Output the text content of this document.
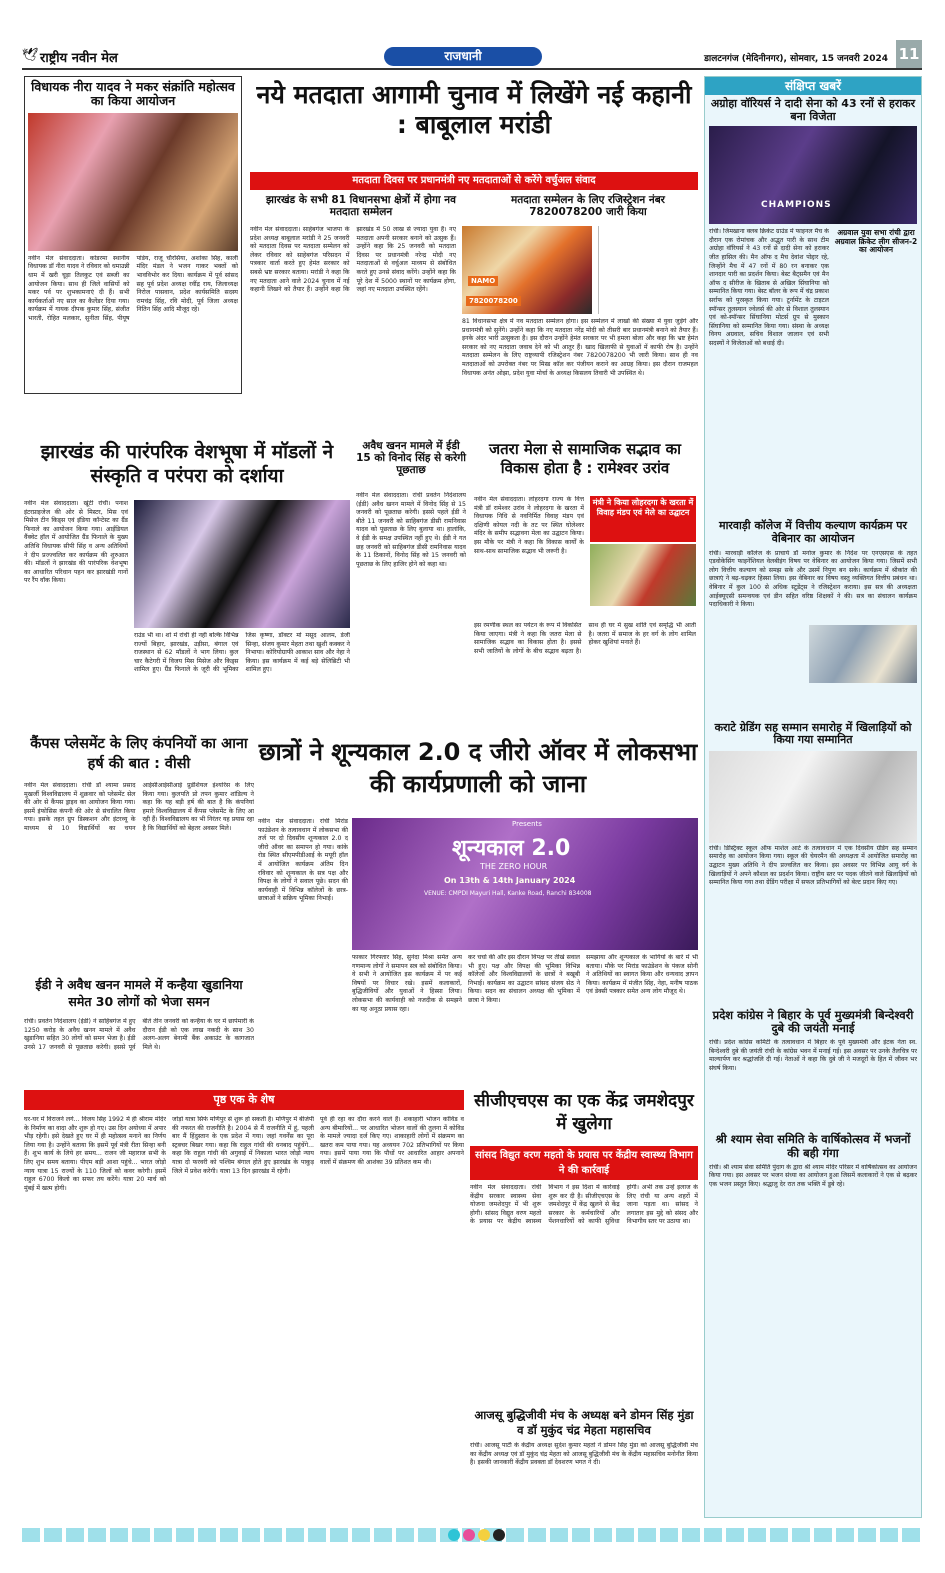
🕊 राष्ट्रीय नवीन मेल	राजधानी	डालटनगंज (मेदिनीनगर), सोमवार, 15 जनवरी 2024 11
विधायक नीरा यादव ने मकर संक्रांति महोत्सव का किया आयोजन
नवीन मेल संवाददाता। कोडरमा स्थानीय विधायक डॉ नीरा यादव ने रविवार को धमाउन्नी धाम में खरी चूड़ा तिलकुट एवं सब्जी का आयोजन किया। साथ ही जिले वासियों को मकर पर्व पर शुभकामनाएं दी हैं। सभी कार्यकर्ताओं नए साल का कैलेंडर दिया गया। कार्यक्रम में गायक दीपक कुमार सिंह, संजीत भारती, रोहित मलकार, सुनीता सिंह, पीयूष पांडेय, राजू चौरसिया, अशोका सिंह, काली मंदिर मंडल ने भजन गाकर भक्तों को भावविभोर कर दिया। कार्यक्रम में पूर्व सांसद सह पूर्व प्रदेश अध्यक्ष रवींद्र राय, जिलाध्यक्ष निरोज पासवान, प्रदेश कार्यसमिति सदस्य रामचंद्र सिंह, रवि मोदी, पूर्व जिला अध्यक्ष नितिन सिंह आदि मौजूद रहे।
नये मतदाता आगामी चुनाव में लिखेंगे नई कहानी : बाबूलाल मरांडी
मतदाता दिवस पर प्रधानमंत्री नए मतदाताओं से करेंगे वर्चुअल संवाद
झारखंड के सभी 81 विधानसभा क्षेत्रों में होगा नव मतदाता सम्मेलन
मतदाता सम्मेलन के लिए रजिस्ट्रेशन नंबर 7820078200 जारी किया
नवीन मेल संवाददाता। साहेबगंज भाजपा के प्रदेश अध्यक्ष बाबूलाल मरांडी ने 25 जनवरी को मतदाता दिवस पर मतदाता सम्मेलन को लेकर रविवार को साहेबगंज परिसदन में पत्रकार वार्ता करते हुए हेमंत सरकार को सबसे भ्रष्ट सरकार बताया। मरांडी ने कहा कि नए मतदाता आने वाले 2024 चुनाव में नई कहानी लिखने को तैयार हैं। उन्होंने कहा कि झारखंड में 50 लाख से ज्यादा युवा हैं। नए मतदाता अपनी सरकार बनाने को उत्सुक हैं। उन्होंने कहा कि 25 जनवरी को मतदाता दिवस पर प्रधानमंत्री नरेन्द्र मोदी नए मतदाताओं से वर्चुअल माध्यम से संबोधित करते हुए उनसे संवाद करेंगे। उन्होंने कहा कि पूरे देश में 5000 स्थानों पर कार्यक्रम होगा, जहां नए मतदाता उपस्थित रहेंगे।
NAMO
7820078200
81 विधानसभा क्षेत्र में नव मतदाता सम्मेलन होगा। इस सम्मेलन में लाखों की संख्या में युवा जुड़ेंगे और प्रधानमंत्री को सुनेंगे। उन्होंने कहा कि नए मतदाता नरेंद्र मोदी को तीसरी बार प्रधानमंत्री बनाने को तैयार हैं। इनके अंदर भारी उत्सुकता है। इस दौरान उन्होंने हेमंत सरकार पर भी हमला बोला और कहा कि भ्रष्ट हेमंत सरकार को नए मतदाता जवाब देने को भी आतुर हैं। खाद खिलाफी से युवाओं में काफी रोष है। उन्होंने मतदाता सम्मेलन के लिए राष्ट्रव्यापी रजिस्ट्रेशन नंबर 7820078200 भी जारी किया। साथ ही नव मतदाताओं को उपरोक्त नंबर पर मिस्ड कॉल कर पंजीयन कराने का आग्रह किया। इस दौरान राजमहल विधायक अनंत ओझा, प्रदेश युवा मोर्चा के अध्यक्ष किसलय तिवारी भी उपस्थित थे।
संक्षिप्त खबरें
अग्रोहा वॉरियर्स ने दादी सेना को 43 रनों से हराकर बना विजेता
CHAMPIONS
अग्रवाल युवा सभा रांची द्वारा अग्रवाल क्रिकेट लीग सीजन-2 का आयोजन
रांची। जिमखाना क्लब क्रिकेट ग्राउंड में फाइनल मैच के दौरान एक रोमांचक और अद्भुत पारी के साथ टीम अग्रोहा वॉरियर्स ने 43 रनों से दादी सेना को हराकर जीत हासिल की। मैन ऑफ द मैच देवांश पोद्दार रहे, जिन्होंने मैच में 47 रनों में 80 रन बनाकर एक शानदार पारी का प्रदर्शन किया। बेस्ट बैट्समैन एवं मैन ऑफ द सीरीज के खिताब से अखिल सिंघानिया को सम्मानित किया गया। बेस्ट बॉलर के रूप में चंद्र प्रकाश सर्राफ को पुरस्कृत किया गया। टूर्नामेंट के टाइटल स्पॉन्सर तुलस्यान ज्वेलर्स की ओर से विशाल तुलस्यान एवं को-स्पॉन्सर सिंघानिया मोटर्स ग्रुप से मुस्कान सिंघानिया को सम्मानित किया गया। संस्था के अध्यक्ष विनय अग्रवाल, सचिव विशाल जालान एवं सभी सदस्यों ने विजेताओं को बधाई दी।
मारवाड़ी कॉलेज में वित्तीय कल्याण कार्यक्रम पर वेबिनार का आयोजन
रांची। मारवाड़ी कॉलेज के प्राचार्य डॉ मनोज कुमार के निर्देश पर एनएसएस के तहत एडवोकेसिंग फाइनेंशियल वेलबीइंग विषय पर वेबिनार का आयोजन किया गया। जिसमें सभी लोग वित्तीय कल्याण को समझ सके और उसमें निपुण बन सके। कार्यक्रम में श्रीकांत की छात्राएं ने बढ़-चढ़कर हिस्सा लिया। इस वेबिनार का विषय वस्तु व्यक्तिगत वित्तीय प्रबंधन था। वेबिनार में कुल 100 से अधिक स्टूडेंट्स ने रजिस्ट्रेशन कराया। इस सत्र की अध्यक्षता आईक्यूएसी समन्वयक एवं डीन सहित वरिष्ठ शिक्षकों ने की। सत्र का संचालन कार्यक्रम पदाधिकारी ने किया।
कराटे ग्रेडिंग सह सम्मान समारोह में खिलाड़ियों को किया गया सम्मानित
रांची। डिस्ट्रिक्ट स्कूल ऑफ मार्शल आर्ट के तत्वावधान में एक दिवसीय ग्रेडिंग सह सम्मान समारोह का आयोजन किया गया। स्कूल की चेयरमैन की अध्यक्षता में आयोजित समारोह का उद्घाटन मुख्य अतिथि ने दीप प्रज्वलित कर किया। इस अवसर पर विभिन्न आयु वर्ग के खिलाड़ियों ने अपने कौशल का प्रदर्शन किया। राष्ट्रीय स्तर पर पदक जीतने वाले खिलाड़ियों को सम्मानित किया गया तथा ग्रेडिंग परीक्षा में सफल प्रतिभागियों को बेल्ट प्रदान किए गए।
प्रदेश कांग्रेस ने बिहार के पूर्व मुख्यमंत्री बिन्देश्वरी दुबे की जयंती मनाई
रांची। प्रदेश कांग्रेस कमिटी के तत्वावधान में बिहार के पूर्व मुख्यमंत्री और इंटक नेता स्व. बिन्देश्वरी दुबे की जयंती रांची के कांग्रेस भवन में मनाई गई। इस अवसर पर उनके तैलचित्र पर माल्यार्पण कर श्रद्धांजलि दी गई। नेताओं ने कहा कि दुबे जी ने मजदूरों के हित में जीवन भर संघर्ष किया।
श्री श्याम सेवा समिति के वार्षिकोत्सव में भजनों की बही गंगा
रांची। श्री श्याम सेवा समिति पुंदाग के द्वारा श्री श्याम मंदिर परिसर में वार्षिकोत्सव का आयोजन किया गया। इस अवसर पर भजन संध्या का आयोजन हुआ जिसमें कलाकारों ने एक से बढ़कर एक भजन प्रस्तुत किए। श्रद्धालु देर रात तक भक्ति में डूबे रहे।
झारखंड की पारंपरिक वेशभूषा में मॉडलों ने संस्कृति व परंपरा को दर्शाया
नवीन मेल संवाददाता। खूंटी रांची। पनाश इंटरप्राइजेज की ओर से मिस्टर, मिस एवं मिसेज टीन किड्स एवं इंडिया कॉन्टेस्ट का ग्रैंड फिनाले का आयोजन किया गया। आईडियल वैंक्वेट हॉल में आयोजित ग्रैंड फिनाले के मुख्य अतिथि विधायक सीपी सिंह व अन्य अतिथियों ने दीप प्रज्ज्वलित कर कार्यक्रम की शुरुआत की। मॉडलों ने झारखंड की पारंपरिक वेशभूषा का आधारित परिधान पहन कर झारखंडी गानों पर रैंप वॉक किया।
राउंड भी था। शो में रांची ही नहीं बल्कि विभिन्न राज्यों बिहार, झारखंड, उड़ीसा, बंगाल एवं राजस्थान से 62 मॉडलों ने भाग लिया। कुल चार कैटेगरी में विजय मिस मिसेज और किड्स शामिल हुए। ग्रैंड फिनाले के जूरी की भूमिका जिस कृष्णा, डॉक्टर मो मसूद आलम, डेजी सिन्हा, संजय कुमार मेहता तथा खुशी कक्कर ने निभाया। कोरियोग्राफी आकाश साव और नेहा ने किया। इस कार्यक्रम में कई बड़े सेलिब्रिटी भी शामिल हुए।
अवैध खनन मामले में ईडी 15 को विनोद सिंह से करेगी पूछताछ
नवीन मेल संवाददाता। रांची प्रवर्तन निदेशालय (ईडी) अवैध खनन मामले में विनोद सिंह से 15 जनवरी को पूछताछ करेगी। इससे पहले ईडी ने बीते 11 जनवरी को साहिबगंज डीसी रामनिवास यादव को पूछताछ के लिए बुलाया था। हालांकि, वे ईडी के समक्ष उपस्थित नहीं हुए थे। ईडी ने गत छह जनवरी को साहिबगंज डीसी रामनिवास यादव के 11 ठिकानों, विनोद सिंह को 15 जनवरी को पूछताछ के लिए हाजिर होने को कहा था।
जतरा मेला से सामाजिक सद्भाव का विकास होता है : रामेश्वर उरांव
नवीन मेल संवाददाता। लोहरदगा राज्य के वित्त मंत्री डॉ रामेश्वर उरांव ने लोहरदगा के खरता में विधायक निधि से नवनिर्मित विवाह मंडप एवं दक्षिणी कोयल नदी के तट पर स्थित घोलेश्वर मंदिर के समीप सद्भावना मेला का उद्घाटन किया। इस मौके पर मंत्री ने कहा कि विकास कार्यों के साथ-साथ सामाजिक सद्भाव भी जरूरी है।
मंत्री ने किया लोहरदगा के खरता में विवाह मंडप एवं मेले का उद्घाटन
इस रमणीक स्थल का पर्यटन के रूप में विकसित किया जाएगा। मंत्री ने कहा कि जतरा मेला से सामाजिक सद्भाव का विकास होता है। इससे सभी जातियों के लोगों के बीच सद्भाव बढ़ता है। साथ ही घर में सुख शांति एवं समृद्धि भी आती है। जतरा में समाज के हर वर्ग के लोग शामिल होकर खुशियां मनाते हैं।
कैंपस प्लेसमेंट के लिए कंपनियों का आना हर्ष की बात : वीसी
नवीन मेल संवाददाता। रांची डॉ श्यामा प्रसाद मुखर्जी विश्वविद्यालय में शुक्रवार को प्लेसमेंट सेल की ओर से कैंपस ड्राइव का आयोजन किया गया। इसमें इंफोसिस कंपनी की ओर से संचालित किया गया। इसके तहत ग्रुप डिस्कशन और इंटरव्यू के माध्यम से 10 विद्यार्थियों का चयन आईसीआईसीआई प्रुडेंशियल इंश्योरेंस के लिए किया गया। कुलपति प्रो तपन कुमार शांडिल्य ने कहा कि यह बड़ी हर्ष की बात है कि कंपनियां हमारे विश्वविद्यालय में कैंपस प्लेसमेंट के लिए आ रही हैं। विश्वविद्यालय का भी निरंतर यह प्रयास रहा है कि विद्यार्थियों को बेहतर अवसर मिले।
छात्रों ने शून्यकाल 2.0 द जीरो ऑवर में लोकसभा की कार्यप्रणाली को जाना
नवीन मेल संवाददाता। रांची मिरांड फाउंडेशन के तत्वावधान में लोकसभा की तर्ज पर दो दिवसीय शून्यकाल 2.0 द जीरो ऑवर का समापन हो गया। कांके रोड स्थित सीएमपीडीआई के मयूरी हॉल में आयोजित कार्यक्रम अंतिम दिन रविवार को शून्यकाल के सत्र पक्ष और विपक्ष के लोगों ने सवाल पूछे। सदन की कार्यवाही में विभिन्न कॉलेजों के छात्र-छात्राओं ने सक्रिय भूमिका निभाई।
Presents
शून्यकाल 2.0
THE ZERO HOUR
On 13th & 14th January 2024
VENUE: CMPDI Mayuri Hall, Kanke Road, Ranchi 834008
फाकार गिरफ्तार सिंह, सुनंदा मिश्रा समेत अन्य गणमान्य लोगों ने समापन सत्र को संबोधित किया। वे सभी ने आयोजित इस कार्यक्रम में पर कई विषयों पर विचार रखे। इसमें कलाकारों, बुद्धिजीवियों और युवाओं ने हिस्सा लिया। लोकसभा की कार्यवाही को नजदीक से समझने का यह अनूठा प्रयास रहा।
कर चर्चा की और इस दौरान विपक्ष पर तीखे सवाल भी हुए। पक्ष और विपक्ष की भूमिका विभिन्न कॉलेजों और विश्वविद्यालयों के छात्रों ने बखूबी निभाई। कार्यक्रम का उद्घाटन सांसद संजय सेठ ने किया। सदन का संचालन अध्यक्ष की भूमिका में छात्रा ने किया।
समझाया और शून्यकाल के भागियों के बारे में भी बताया। मौके पर मिरांड फाउंडेशन के पंकज सोनी ने अतिथियों का स्वागत किया और धन्यवाद ज्ञापन किया। कार्यक्रम में मंजीत सिंह, नेहा, मनीष पाठक एवं डेक्सी पत्रकार समेत अन्य लोग मौजूद थे।
ईडी ने अवैध खनन मामले में कन्हैया खुडानिया समेत 30 लोगों को भेजा समन
रांची। प्रवर्तन निदेशालय (ईडी) ने साहिबगंज में हुए 1250 करोड़ के अवैध खनन मामले में अवैध खुडानिया सहित 30 लोगों को समन भेजा है। ईडी उनसे 17 जनवरी से पूछताछ करेगी। इससे पूर्व बीते तीन जनवरी को कन्हैया के घर में छापेमारी के दौरान ईडी को एक लाख नकदी के साथ 30 अलग-अलग बेनामी बैंक अकाउंट के कागजात मिले थे।
पृष्ठ एक के शेष
घर-घर में विराजने लगे... विजय सिंह 1992 में ही श्रीराम मंदिर के निर्माण का वादा और शुरू हो गए। उस दिन अयोध्या में अपार भीड़ रहेगी। इसे देखते हुए घर में ही महोत्सव मनाने का निर्णय लिया गया है। उन्होंने बताया कि इसमें पूर्व मंत्री रीता सिन्हा बनी हैं। शुभ कार्य के लिये हर समय... राजन जी महाराज सभी के लिए शुभ समय बताया। पीएम बड़ी आशा पहुंचे... भारत जोड़ो न्याय यात्रा 15 राज्यों के 110 जिलों को कवर करेगी। इसमें राहुल 6700 किलो का सफर तय करेंगे। यात्रा 20 मार्च को मुंबई में खत्म होगी।
जोड़ो यात्रा सिर्फ मणिपुर से शुरू हो सकती है। मणिपुर में बीजेपी की नफरत की राजनीति है। 2004 से मैं राजनीति में हूं, पहली बार मैं हिंदुस्तान के एक प्रदेश में गया। जहां गवर्नेंस का पूरा स्ट्रक्चर बिखर गया। कहा कि राहुल गांधी की धनबाद पहुंचेंगे... कहा कि राहुल गांधी की अगुवाई में निकाला भारत जोड़ो न्याय यात्रा दो फरवरी को पश्चिम बंगाल होते हुए झारखंड के पाकुड़ जिले में प्रवेश करेगी। यात्रा 13 दिन झारखंड में रहेगी।
पूर्व ही रहा का दौरा करने वाले हैं। शकाहारी भोजन कोविड व अन्य बीमारियों... पर आधारित भोजन वालों की तुलना में कोविड के मामले ज्यादा दर्ज किए गए। शाकाहारी लोगों में संक्रमण का खतरा कम पाया गया। यह अध्ययन 702 प्रतिभागियों पर किया गया। इसमें पाया गया कि पौधों पर आधारित आहार अपनाने वालों में संक्रमण की आशंका 39 प्रतिशत कम थी।
सीजीएचएस का एक केंद्र जमशेदपुर में खुलेगा
सांसद विद्युत वरण महतो के प्रयास पर केंद्रीय स्वास्थ्य विभाग ने की कार्रवाई
नवीन मेल संवाददाता। रांची केंद्रीय सरकार स्वास्थ्य सेवा योजना जमशेदपुर में भी शुरू होगी। सांसद विद्युत वरण महतो के प्रयास पर केंद्रीय स्वास्थ्य विभाग ने इस दिशा में कार्रवाई शुरू कर दी है। सीजीएचएस के जमशेदपुर में केंद्र खुलने से केंद्र सरकार के कर्मचारियों और पेंशनधारियों को काफी सुविधा होगी। अभी तक उन्हें इलाज के लिए रांची या अन्य शहरों में जाना पड़ता था। सांसद ने लगातार इस मुद्दे को संसद और विभागीय स्तर पर उठाया था।
आजसू बुद्धिजीवी मंच के अध्यक्ष बने डोमन सिंह मुंडा व डॉ मुकुंद चंद्र मेहता महासचिव
रांची। आजसू पार्टी के केंद्रीय अध्यक्ष सुदेश कुमार महतो ने डोमन सिंह मुंडा को आजसू बुद्धिजीवी मंच का केंद्रीय अध्यक्ष एवं डॉ मुकुंद चंद्र मेहता को आजसू बुद्धिजीवी मंच के केंद्रीय महासचिव मनोनीत किया है। इसकी जानकारी केंद्रीय प्रवक्ता डॉ देवशरण भगत ने दी।
